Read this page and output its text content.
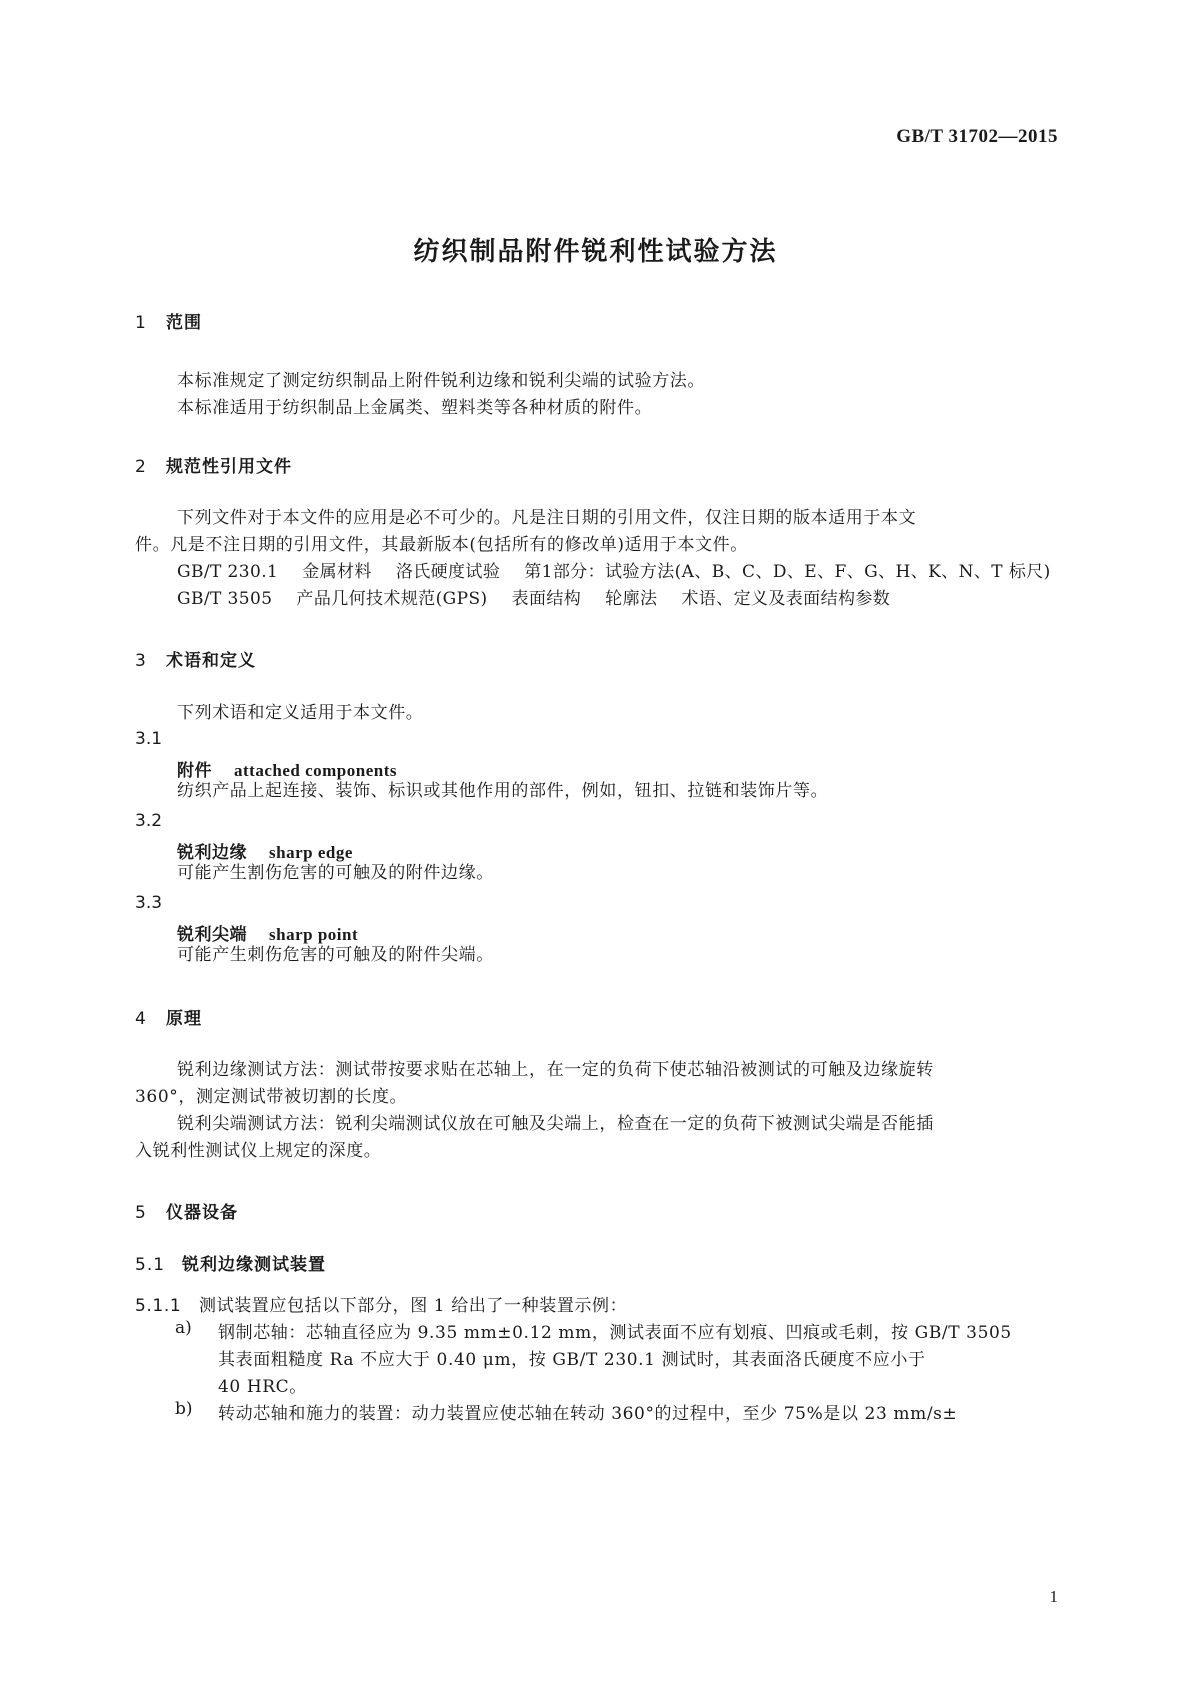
GB/T 31702—2015
纺织制品附件锐利性试验方法
1 范围
本标准规定了测定纺织制品上附件锐利边缘和锐利尖端的试验方法。
本标准适用于纺织制品上金属类、塑料类等各种材质的附件。
2 规范性引用文件
下列文件对于本文件的应用是必不可少的。凡是注日期的引用文件，仅注日期的版本适用于本文
件。凡是不注日期的引用文件，其最新版本(包括所有的修改单)适用于本文件。
GB/T 230.1 金属材料 洛氏硬度试验 第1部分：试验方法(A、B、C、D、E、F、G、H、K、N、T 标尺)
GB/T 3505 产品几何技术规范(GPS) 表面结构 轮廓法 术语、定义及表面结构参数
3 术语和定义
下列术语和定义适用于本文件。
3.1
附件 attached components
纺织产品上起连接、装饰、标识或其他作用的部件，例如，钮扣、拉链和装饰片等。
3.2
锐利边缘 sharp edge
可能产生割伤危害的可触及的附件边缘。
3.3
锐利尖端 sharp point
可能产生刺伤危害的可触及的附件尖端。
4 原理
锐利边缘测试方法：测试带按要求贴在芯轴上，在一定的负荷下使芯轴沿被测试的可触及边缘旋转
360°，测定测试带被切割的长度。
锐利尖端测试方法：锐利尖端测试仪放在可触及尖端上，检查在一定的负荷下被测试尖端是否能插
入锐利性测试仪上规定的深度。
5 仪器设备
5.1 锐利边缘测试装置
5.1.1 测试装置应包括以下部分，图 1 给出了一种装置示例：
a) 钢制芯轴：芯轴直径应为 9.35 mm±0.12 mm，测试表面不应有划痕、凹痕或毛刺，按 GB/T 3505
其表面粗糙度 Ra 不应大于 0.40 μm，按 GB/T 230.1 测试时，其表面洛氏硬度不应小于
40 HRC。
b) 转动芯轴和施力的装置：动力装置应使芯轴在转动 360°的过程中，至少 75%是以 23 mm/s±
1
